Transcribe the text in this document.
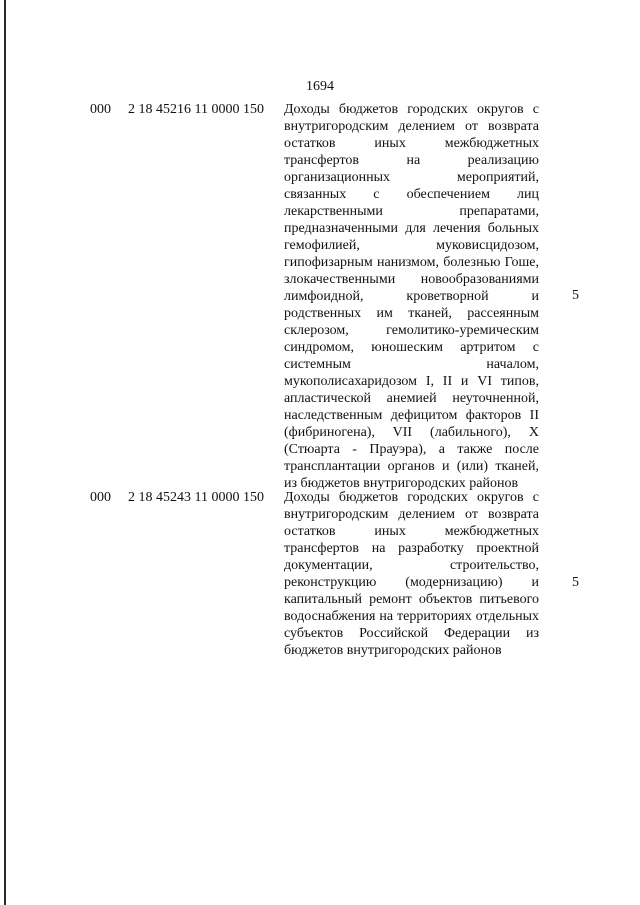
1694
000 2 18 45216 11 0000 150 Доходы бюджетов городских округов с внутригородским делением от возврата остатков иных межбюджетных трансфертов на реализацию организационных мероприятий, связанных с обеспечением лиц лекарственными препаратами, предназначенными для лечения больных гемофилией, муковисцидозом, гипофизарным нанизмом, болезнью Гоше, злокачественными новообразованиями лимфоидной, кроветворной и родственных им тканей, рассеянным склерозом, гемолитико-уремическим синдромом, юношеским артритом с системным началом, мукополисахаридозом I, II и VI типов, апластической анемией неуточненной, наследственным дефицитом факторов II (фибриногена), VII (лабильного), X (Стюарта - Прауэра), а также после трансплантации органов и (или) тканей, из бюджетов внутригородских районов
5
000 2 18 45243 11 0000 150 Доходы бюджетов городских округов с внутригородским делением от возврата остатков иных межбюджетных трансфертов на разработку проектной документации, строительство, реконструкцию (модернизацию) и капитальный ремонт объектов питьевого водоснабжения на территориях отдельных субъектов Российской Федерации из бюджетов внутригородских районов
5
